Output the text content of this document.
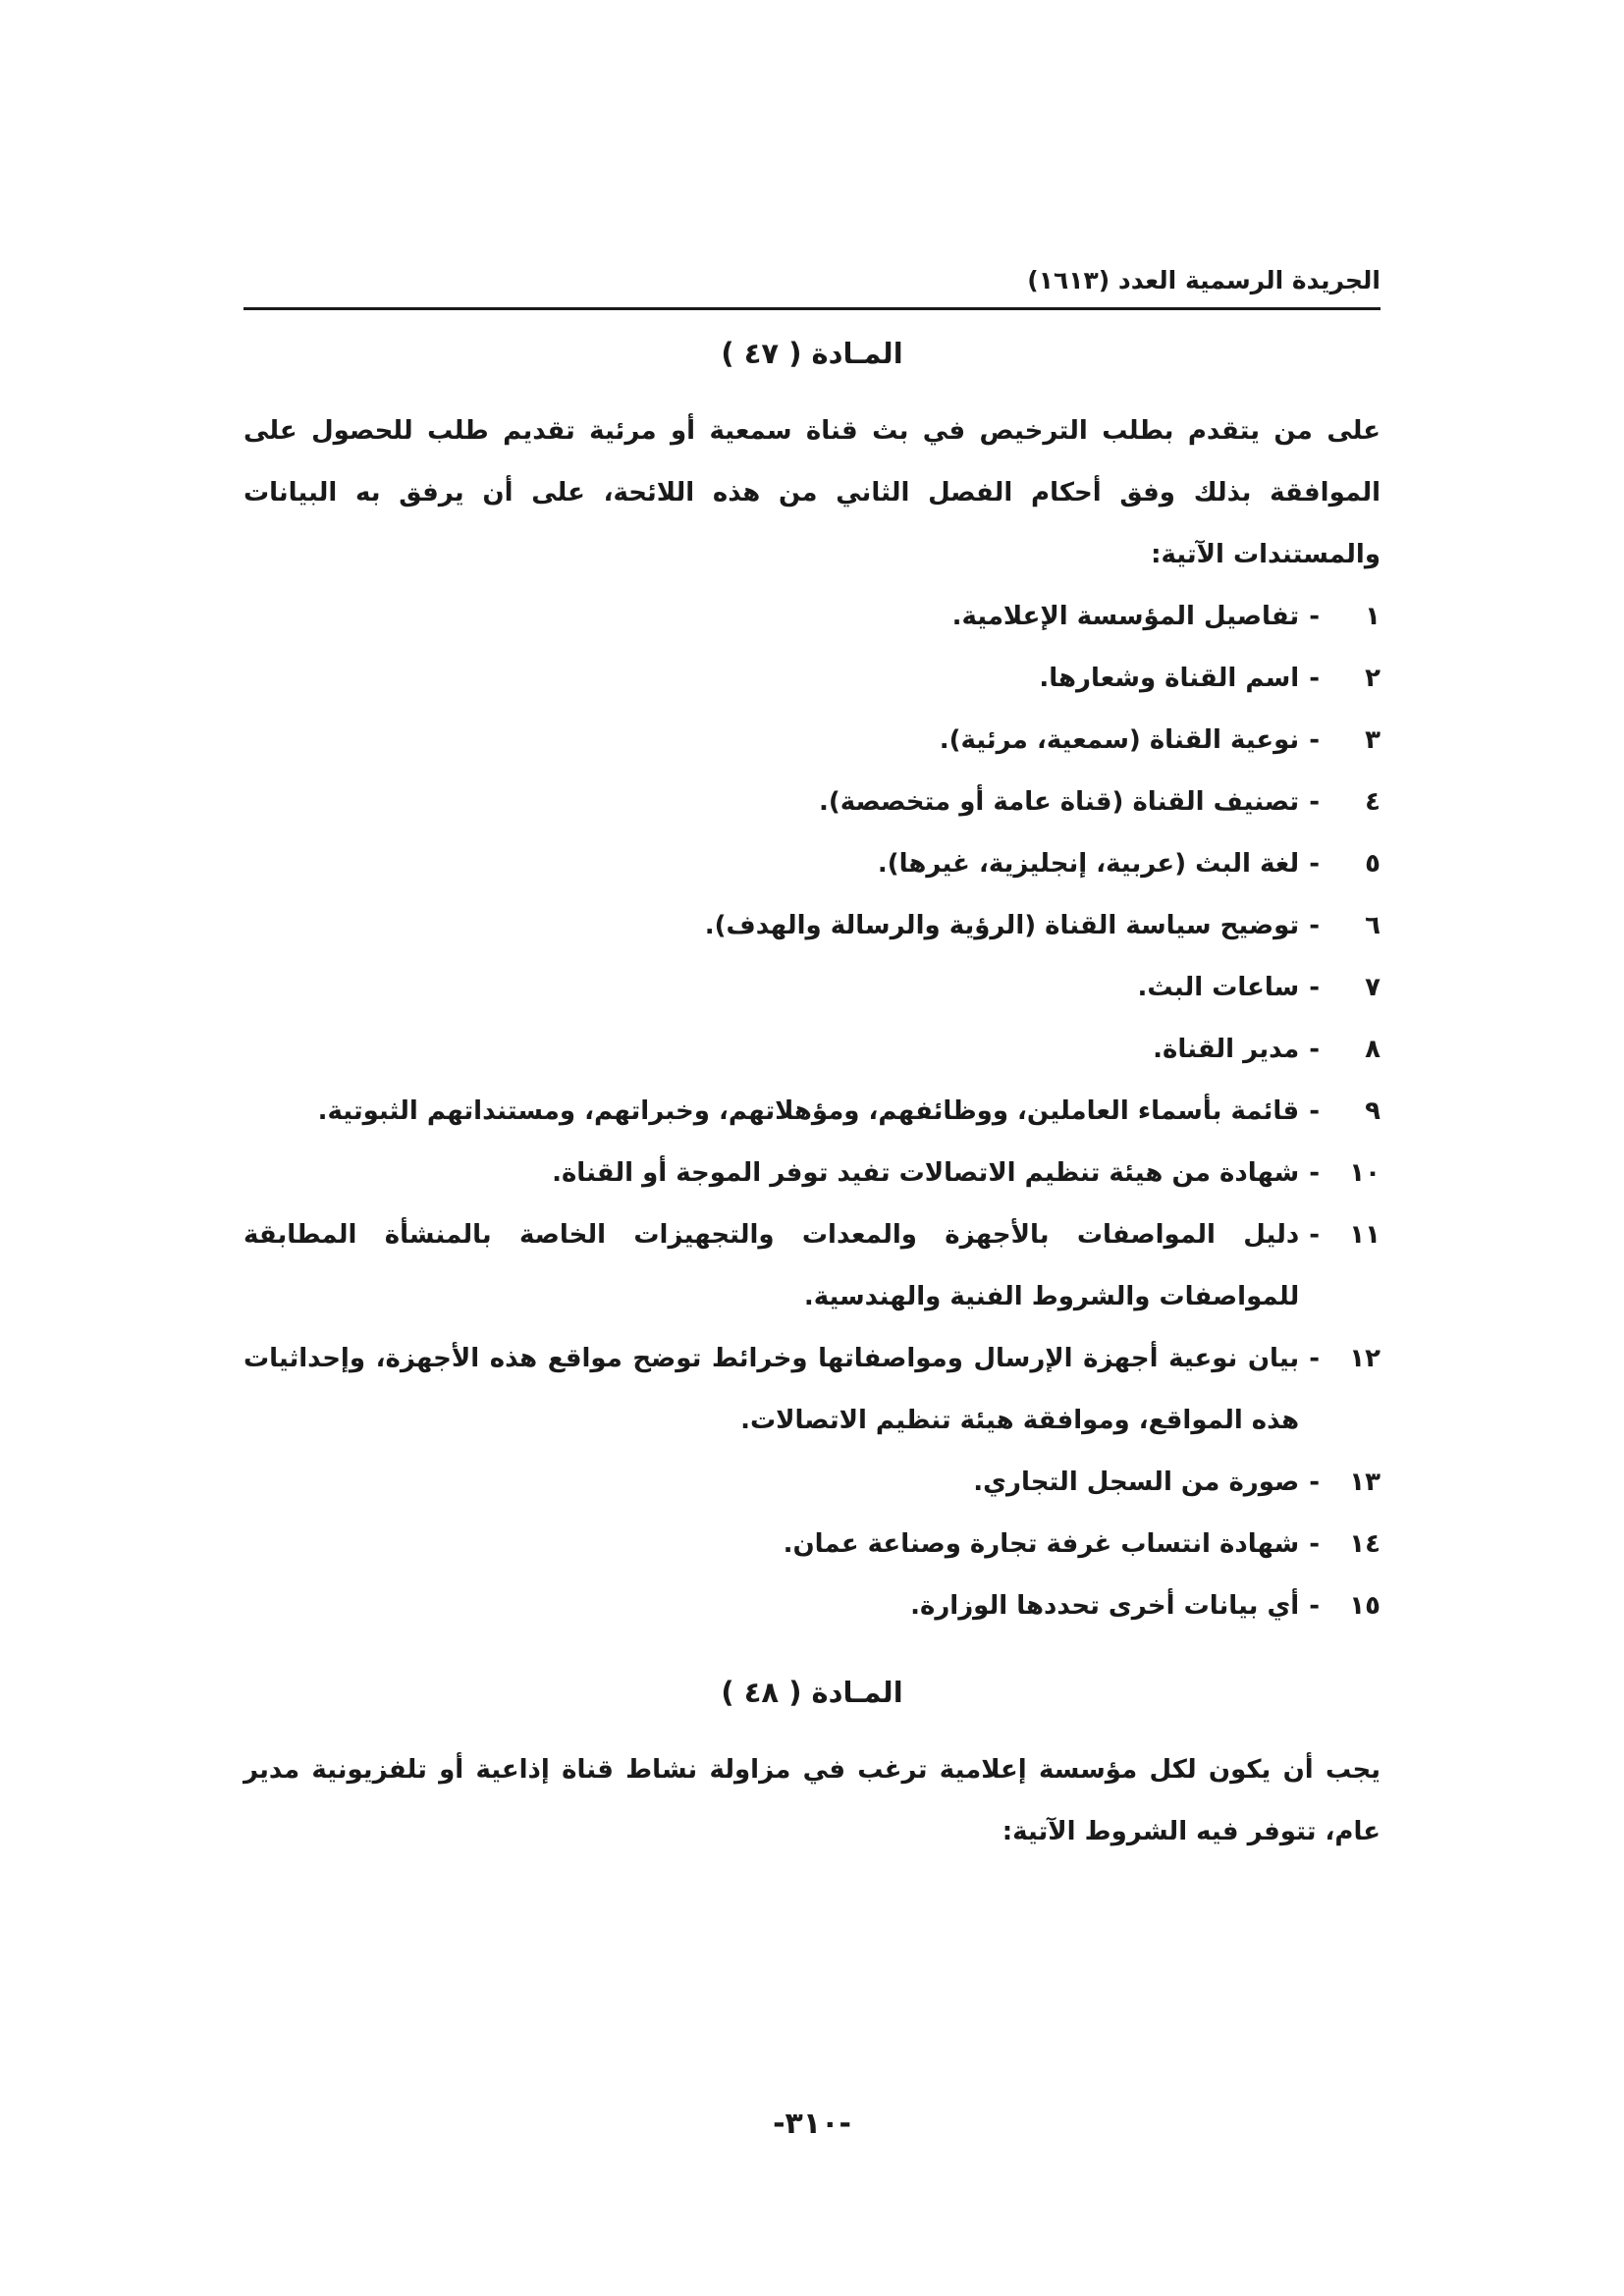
الجريدة الرسمية العدد (١٦١٣)
المـادة ( ٤٧ )

على من يتقدم بطلب الترخيص في بث قناة سمعية أو مرئية تقديم طلب للحصول على الموافقة بذلك وفق أحكام الفصل الثاني من هذه اللائحة، على أن يرفق به البيانات والمستندات الآتية:

١
-
تفاصيل المؤسسة الإعلامية.
٢
-
اسم القناة وشعارها.
٣
-
نوعية القناة (سمعية، مرئية).
٤
-
تصنيف القناة (قناة عامة أو متخصصة).
٥
-
لغة البث (عربية، إنجليزية، غيرها).
٦
-
توضيح سياسة القناة (الرؤية والرسالة والهدف).
٧
-
ساعات البث.
٨
-
مدير القناة.
٩
-
قائمة بأسماء العاملين، ووظائفهم، ومؤهلاتهم، وخبراتهم، ومستنداتهم الثبوتية.
١٠
-
شهادة من هيئة تنظيم الاتصالات تفيد توفر الموجة أو القناة.
١١
-
دليل المواصفات بالأجهزة والمعدات والتجهيزات الخاصة بالمنشأة المطابقة للمواصفات والشروط الفنية والهندسية.
١٢
-
بيان نوعية أجهزة الإرسال ومواصفاتها وخرائط توضح مواقع هذه الأجهزة، وإحداثيات هذه المواقع، وموافقة هيئة تنظيم الاتصالات.
١٣
-
صورة من السجل التجاري.
١٤
-
شهادة انتساب غرفة تجارة وصناعة عمان.
١٥
-
أي بيانات أخرى تحددها الوزارة.
المـادة ( ٤٨ )

يجب أن يكون لكل مؤسسة إعلامية ترغب في مزاولة نشاط قناة إذاعية أو تلفزيونية مدير عام، تتوفر فيه الشروط الآتية:

-٣١٠-
